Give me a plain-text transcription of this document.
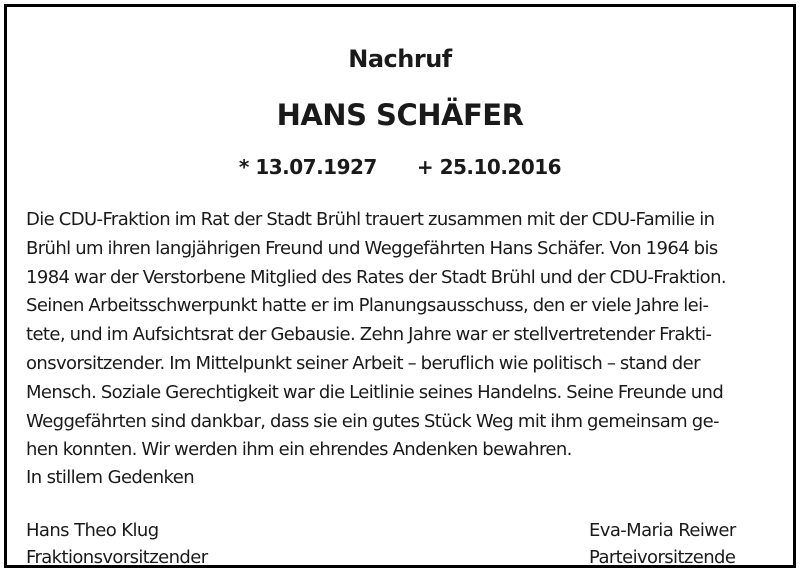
Nachruf
HANS SCHÄFER
* 13.07.1927 + 25.10.2016
Die CDU-Fraktion im Rat der Stadt Brühl trauert zusammen mit der CDU-Familie in
Brühl um ihren langjährigen Freund und Weggefährten Hans Schäfer. Von 1964 bis
1984 war der Verstorbene Mitglied des Rates der Stadt Brühl und der CDU-Fraktion.
Seinen Arbeitsschwerpunkt hatte er im Planungsausschuss, den er viele Jahre lei-
tete, und im Aufsichtsrat der Gebausie. Zehn Jahre war er stellvertretender Frakti-
onsvorsitzender. Im Mittelpunkt seiner Arbeit – beruflich wie politisch – stand der
Mensch. Soziale Gerechtigkeit war die Leitlinie seines Handelns. Seine Freunde und
Weggefährten sind dankbar, dass sie ein gutes Stück Weg mit ihm gemeinsam ge-
hen konnten. Wir werden ihm ein ehrendes Andenken bewahren.
In stillem Gedenken
Hans Theo Klug
Fraktionsvorsitzender
Eva-Maria Reiwer
Parteivorsitzende
